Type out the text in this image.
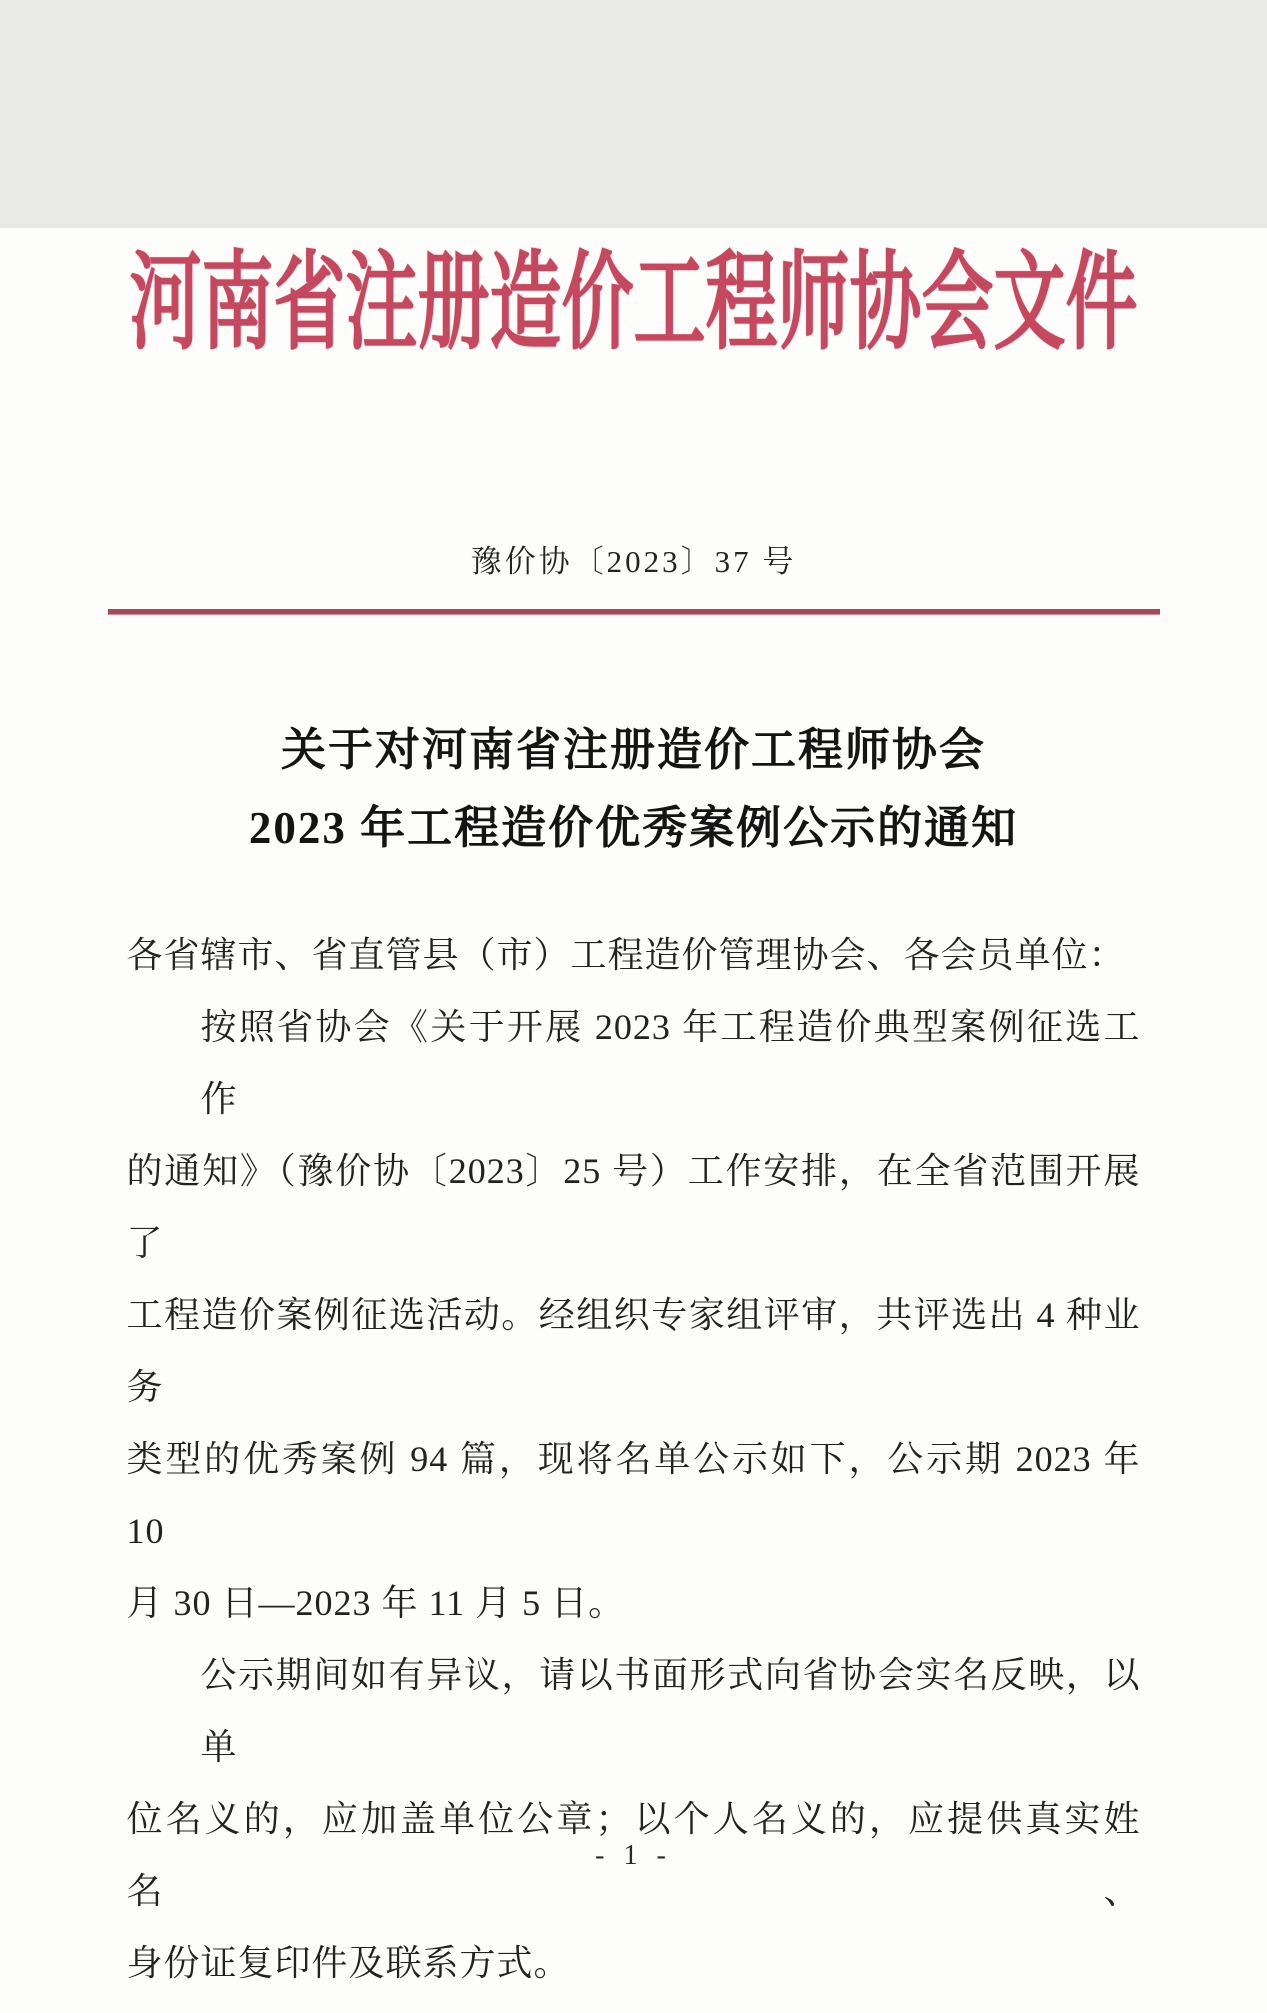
河南省注册造价工程师协会文件
豫价协〔2023〕37 号
关于对河南省注册造价工程师协会
2023 年工程造价优秀案例公示的通知
各省辖市、省直管县（市）工程造价管理协会、各会员单位：
按照省协会《关于开展 2023 年工程造价典型案例征选工作
的通知》（豫价协〔2023〕25 号）工作安排，在全省范围开展了
工程造价案例征选活动。经组织专家组评审，共评选出 4 种业务
类型的优秀案例 94 篇，现将名单公示如下，公示期 2023 年 10
月 30 日—2023 年 11 月 5 日。
公示期间如有异议，请以书面形式向省协会实名反映，以单
位名义的，应加盖单位公章；以个人名义的，应提供真实姓名、
身份证复印件及联系方式。
- 1 -
